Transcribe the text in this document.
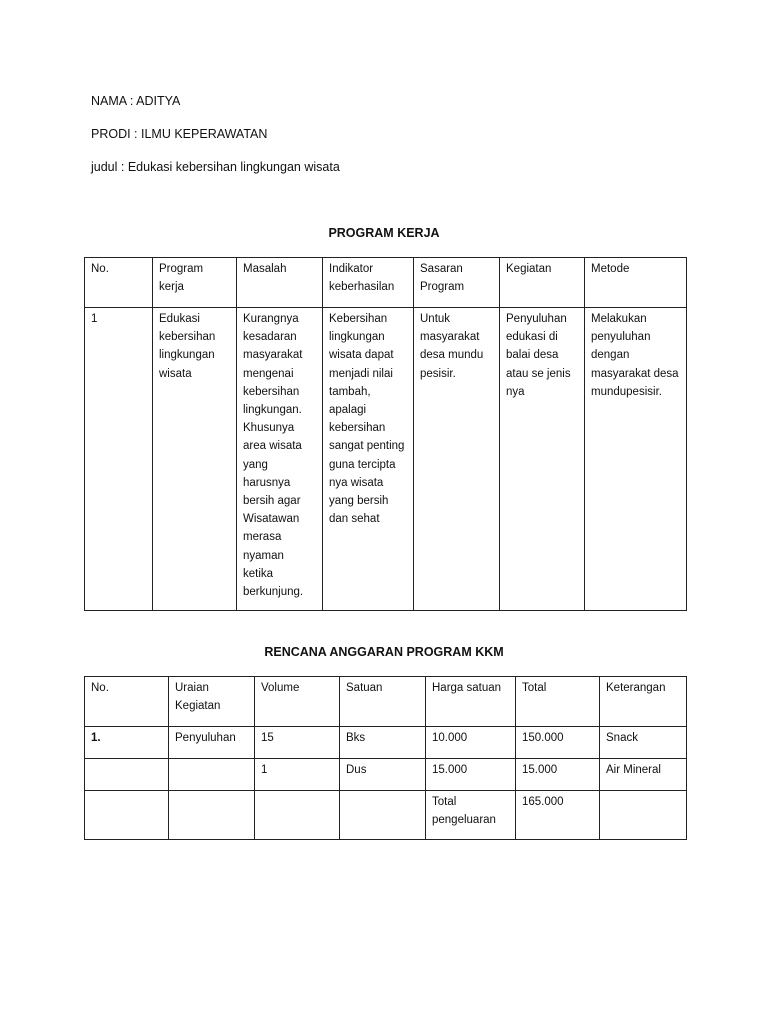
NAMA : ADITYA
PRODI : ILMU KEPERAWATAN
judul : Edukasi kebersihan lingkungan wisata
PROGRAM KERJA
No.	Program kerja	Masalah	Indikator keberhasilan	Sasaran Program	Kegiatan	Metode
1	Edukasi kebersihan lingkungan wisata	Kurangnya kesadaran masyarakat mengenai kebersihan lingkungan. Khusunya area wisata yang harusnya bersih agar Wisatawan merasa nyaman ketika berkunjung.	Kebersihan lingkungan wisata dapat menjadi nilai tambah, apalagi kebersihan sangat penting guna tercipta nya wisata yang bersih dan sehat	Untuk masyarakat desa mundu pesisir.	Penyuluhan edukasi di balai desa atau se jenis nya	Melakukan penyuluhan dengan masyarakat desa mundupesisir.
RENCANA ANGGARAN PROGRAM KKM
No.	Uraian Kegiatan	Volume	Satuan	Harga satuan	Total	Keterangan
1.	Penyuluhan	15	Bks	10.000	150.000	Snack
		1	Dus	15.000	15.000	Air Mineral
				Total pengeluaran	165.000	
